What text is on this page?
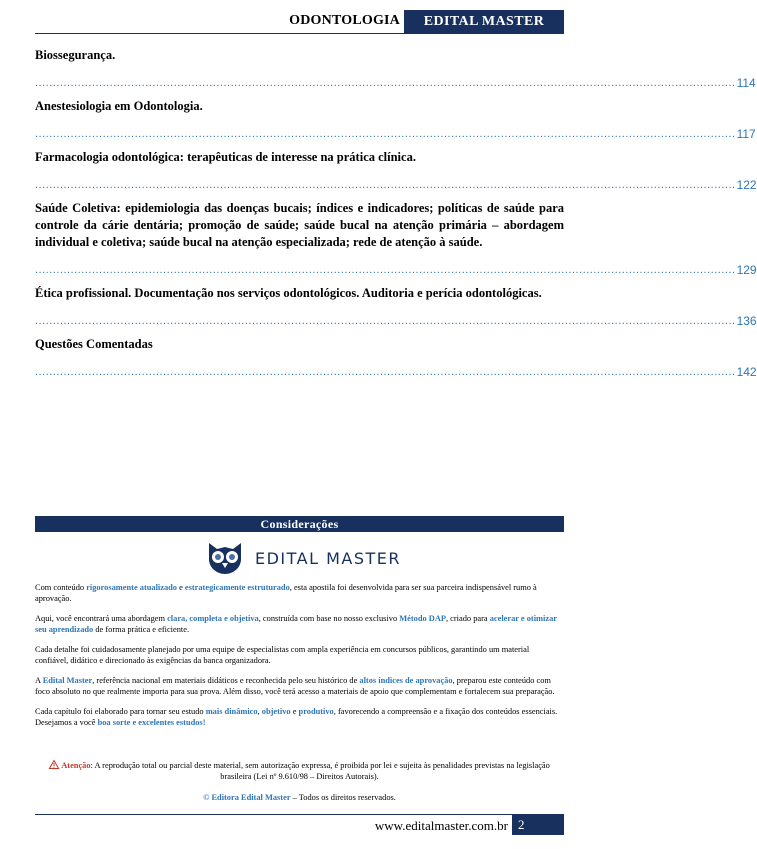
ODONTOLOGIA	EDITAL MASTER
Biossegurança.
..................................................................................................................................................................................................... 114
Anestesiologia em Odontologia.
..................................................................................................................................................................................................... 117
Farmacologia odontológica: terapêuticas de interesse na prática clínica.
..................................................................................................................................................................................................... 122
Saúde Coletiva: epidemiologia das doenças bucais; índices e indicadores; políticas de saúde para controle da cárie dentária; promoção de saúde; saúde bucal na atenção primária – abordagem individual e coletiva; saúde bucal na atenção especializada; rede de atenção à saúde.
..................................................................................................................................................................................................... 129
Ética profissional. Documentação nos serviços odontológicos. Auditoria e perícia odontológicas.
..................................................................................................................................................................................................... 136
Questões Comentadas
..................................................................................................................................................................................................... 142
Considerações
EDITAL MASTER

Com conteúdo rigorosamente atualizado e estrategicamente estruturado, esta apostila foi desenvolvida para ser sua parceira indispensável rumo à aprovação.

Aqui, você encontrará uma abordagem clara, completa e objetiva, construída com base no nosso exclusivo Método DAP, criado para acelerar e otimizar seu aprendizado de forma prática e eficiente.

Cada detalhe foi cuidadosamente planejado por uma equipe de especialistas com ampla experiência em concursos públicos, garantindo um material confiável, didático e direcionado às exigências da banca organizadora.

A Edital Master, referência nacional em materiais didáticos e reconhecida pelo seu histórico de altos índices de aprovação, preparou este conteúdo com foco absoluto no que realmente importa para sua prova. Além disso, você terá acesso a materiais de apoio que complementam e fortalecem sua preparação.

Cada capítulo foi elaborado para tornar seu estudo mais dinâmico, objetivo e produtivo, favorecendo a compreensão e a fixação dos conteúdos essenciais.

Desejamos a você boa sorte e excelentes estudos!

Atenção: A reprodução total ou parcial deste material, sem autorização expressa, é proibida por lei e sujeita às penalidades previstas na legislação brasileira (Lei nº 9.610/98 – Direitos Autorais).
© Editora Edital Master – Todos os direitos reservados.
www.editalmaster.com.br 2
